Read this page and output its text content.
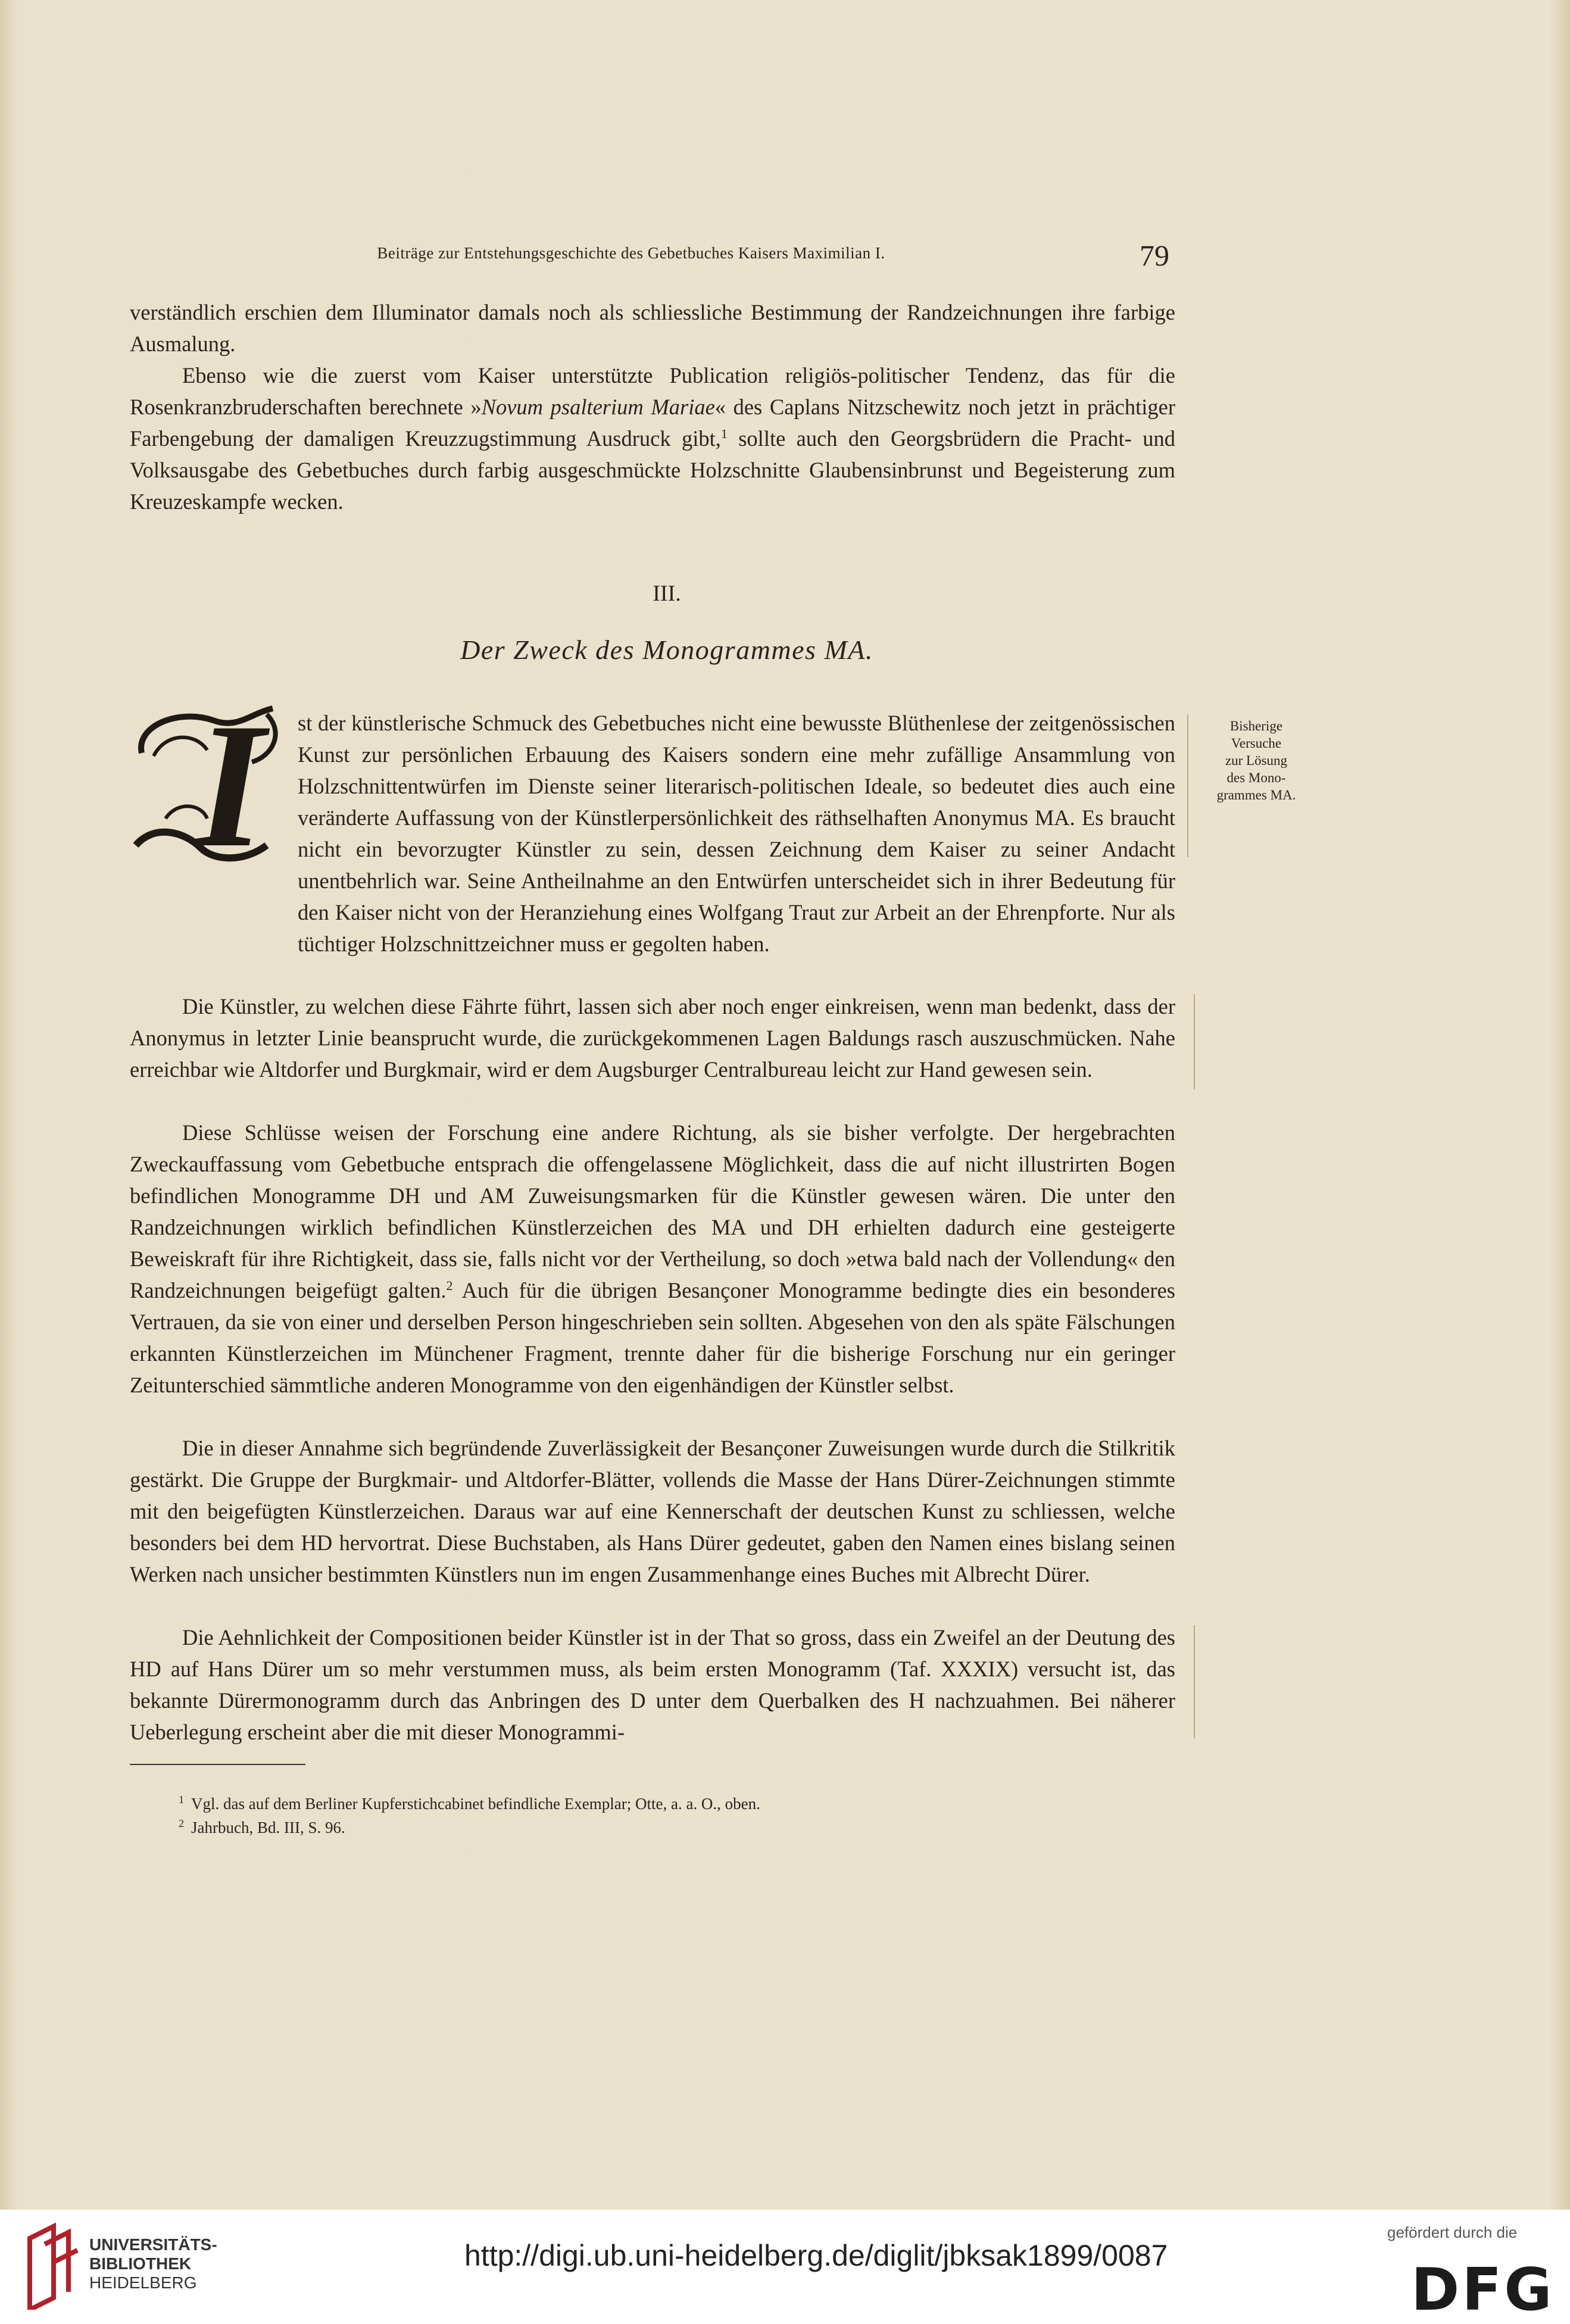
Beiträge zur Entstehungsgeschichte des Gebetbuches Kaisers Maximilian I.	79

verständlich erschien dem Illuminator damals noch als schliessliche Bestimmung der Randzeichnungen ihre farbige Ausmalung.

Ebenso wie die zuerst vom Kaiser unterstützte Publication religiös-politischer Tendenz, das für die Rosenkranzbruderschaften berechnete »Novum psalterium Mariae« des Caplans Nitzschewitz noch jetzt in prächtiger Farbengebung der damaligen Kreuzzugstimmung Ausdruck gibt,$^1$ sollte auch den Georgsbrüdern die Pracht- und Volksausgabe des Gebetbuches durch farbig ausgeschmückte Holzschnitte Glaubensinbrunst und Begeisterung zum Kreuzeskampfe wecken.

III.
Der Zweck des Monogrammes MA.
I st der künstlerische Schmuck des Gebetbuches nicht eine bewusste Blüthenlese der zeitgenössischen Kunst zur persönlichen Erbauung des Kaisers sondern eine mehr zufällige Ansammlung von Holzschnittentwürfen im Dienste seiner literarisch-politischen Ideale, so bedeutet dies auch eine veränderte Auffassung von der Künstlerpersönlichkeit des räthselhaften Anonymus MA. Es braucht nicht ein bevorzugter Künstler zu sein, dessen Zeichnung dem Kaiser zu seiner Andacht unentbehrlich war. Seine Antheilnahme an den Entwürfen unterscheidet sich in ihrer Bedeutung für den Kaiser nicht von der Heranziehung eines Wolfgang Traut zur Arbeit an der Ehrenpforte. Nur als tüchtiger Holzschnittzeichner muss er gegolten haben.

Bisherige
Versuche
zur Lösung
des Mono-
grammes MA.

Die Künstler, zu welchen diese Fährte führt, lassen sich aber noch enger einkreisen, wenn man bedenkt, dass der Anonymus in letzter Linie beansprucht wurde, die zurückgekommenen Lagen Baldungs rasch auszuschmücken. Nahe erreichbar wie Altdorfer und Burgkmair, wird er dem Augsburger Centralbureau leicht zur Hand gewesen sein.

Diese Schlüsse weisen der Forschung eine andere Richtung, als sie bisher verfolgte. Der hergebrachten Zweckauffassung vom Gebetbuche entsprach die offengelassene Möglichkeit, dass die auf nicht illustrirten Bogen befindlichen Monogramme DH und AM Zuweisungsmarken für die Künstler gewesen wären. Die unter den Randzeichnungen wirklich befindlichen Künstlerzeichen des MA und DH erhielten dadurch eine gesteigerte Beweiskraft für ihre Richtigkeit, dass sie, falls nicht vor der Vertheilung, so doch »etwa bald nach der Vollendung« den Randzeichnungen beigefügt galten.$^2$ Auch für die übrigen Besançoner Monogramme bedingte dies ein besonderes Vertrauen, da sie von einer und derselben Person hingeschrieben sein sollten. Abgesehen von den als späte Fälschungen erkannten Künstlerzeichen im Münchener Fragment, trennte daher für die bisherige Forschung nur ein geringer Zeitunterschied sämmtliche anderen Monogramme von den eigenhändigen der Künstler selbst.

Die in dieser Annahme sich begründende Zuverlässigkeit der Besançoner Zuweisungen wurde durch die Stilkritik gestärkt. Die Gruppe der Burgkmair- und Altdorfer-Blätter, vollends die Masse der Hans Dürer-Zeichnungen stimmte mit den beigefügten Künstlerzeichen. Daraus war auf eine Kennerschaft der deutschen Kunst zu schliessen, welche besonders bei dem HD hervortrat. Diese Buchstaben, als Hans Dürer gedeutet, gaben den Namen eines bislang seinen Werken nach unsicher bestimmten Künstlers nun im engen Zusammenhange eines Buches mit Albrecht Dürer.

Die Aehnlichkeit der Compositionen beider Künstler ist in der That so gross, dass ein Zweifel an der Deutung des HD auf Hans Dürer um so mehr verstummen muss, als beim ersten Monogramm (Taf. XXXIX) versucht ist, das bekannte Dürermonogramm durch das Anbringen des D unter dem Querbalken des H nachzuahmen. Bei näherer Ueberlegung erscheint aber die mit dieser Monogrammi-

$^1$ Vgl. das auf dem Berliner Kupferstichcabinet befindliche Exemplar; Otte, a. a. O., oben.
$^2$ Jahrbuch, Bd. III, S. 96.
UNIVERSITÄTS-
BIBLIOTHEK
HEIDELBERG
http://digi.ub.uni-heidelberg.de/diglit/jbksak1899/0087
gefördert durch die
DFG
